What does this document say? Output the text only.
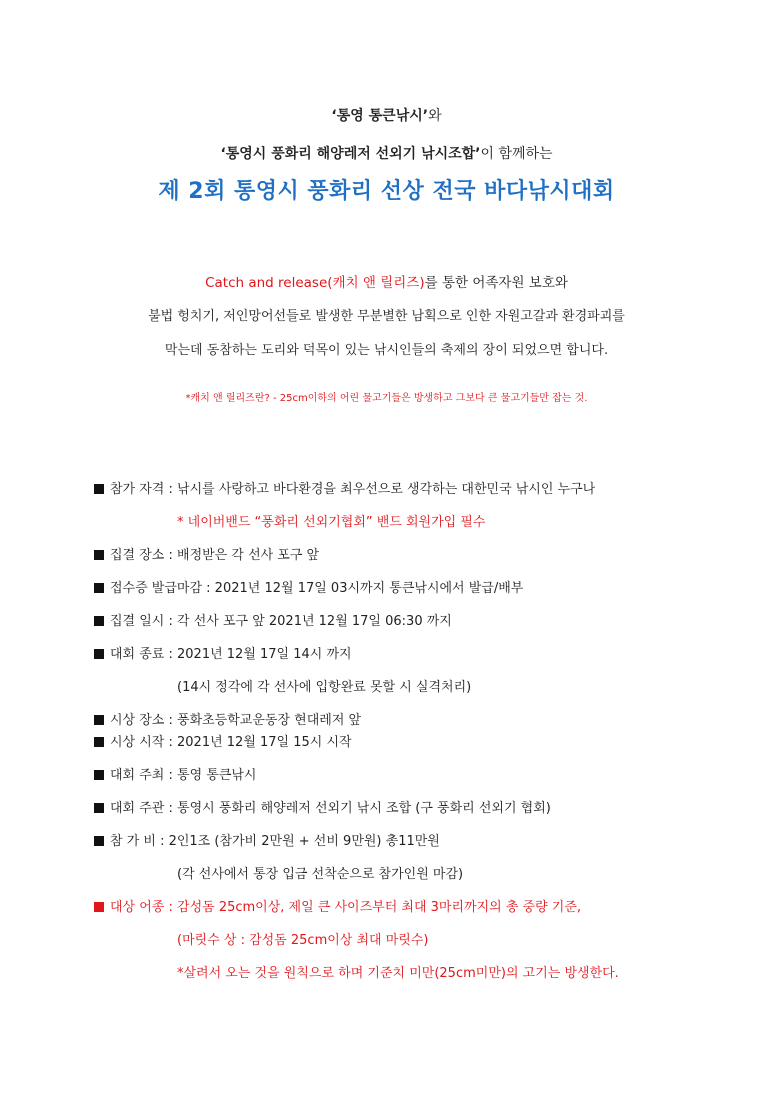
‘통영 통큰낚시’와
‘통영시 풍화리 해양레저 선외기 낚시조합’이 함께하는
제 2회 통영시 풍화리 선상 전국 바다낚시대회
Catch and release(캐치 앤 릴리즈)를 통한 어족자원 보호와
불법 헝치기, 저인망어선들로 발생한 무분별한 남획으로 인한 자원고갈과 환경파괴를
막는데 동참하는 도리와 덕목이 있는 낚시인들의 축제의 장이 되었으면 합니다.
*캐치 앤 릴리즈란? - 25cm이하의 어린 물고기들은 방생하고 그보다 큰 물고기들만 잡는 것.
참가 자격 : 낚시를 사랑하고 바다환경을 최우선으로 생각하는 대한민국 낚시인 누구나
* 네이버밴드 “풍화리 선외기협회” 밴드 회원가입 필수
집결 장소 : 배정받은 각 선사 포구 앞
접수증 발급마감 : 2021년 12월 17일 03시까지 통큰낚시에서 발급/배부
집결 일시 : 각 선사 포구 앞 2021년 12월 17일 06:30 까지
대회 종료 : 2021년 12월 17일 14시 까지
(14시 정각에 각 선사에 입항완료 못할 시 실격처리)
시상 장소 : 풍화초등학교운동장 현대레저 앞
시상 시작 : 2021년 12월 17일 15시 시작
대회 주최 : 통영 통큰낚시
대회 주관 : 통영시 풍화리 해양레저 선외기 낚시 조합 (구 풍화리 선외기 협회)
참 가 비 : 2인1조 (참가비 2만원 + 선비 9만원) 총11만원
(각 선사에서 통장 입금 선착순으로 참가인원 마감)
대상 어종 : 감성돔 25cm이상, 제일 큰 사이즈부터 최대 3마리까지의 총 중량 기준,
(마릿수 상 : 감성돔 25cm이상 최대 마릿수)
*살려서 오는 것을 원칙으로 하며 기준치 미만(25cm미만)의 고기는 방생한다.
